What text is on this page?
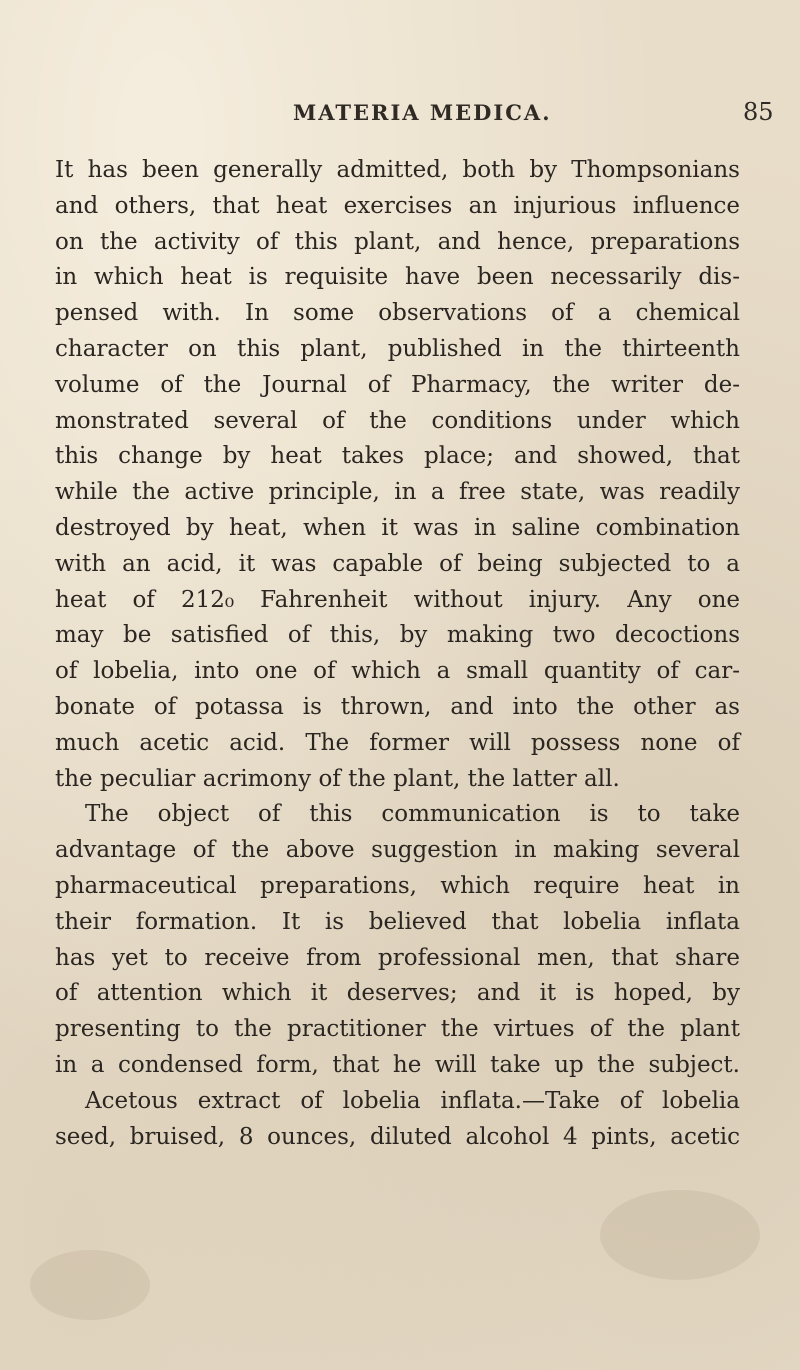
MATERIA MEDICA.	85
It has been generally admitted, both by Thompsonians
and others, that heat exercises an injurious influence
on the activity of this plant, and hence, preparations
in which heat is requisite have been necessarily dis-
pensed with. In some observations of a chemical
character on this plant, published in the thirteenth
volume of the Journal of Pharmacy, the writer de-
monstrated several of the conditions under which
this change by heat takes place; and showed, that
while the active principle, in a free state, was readily
destroyed by heat, when it was in saline combination
with an acid, it was capable of being subjected to a
heat of 212₀ Fahrenheit without injury. Any one
may be satisfied of this, by making two decoctions
of lobelia, into one of which a small quantity of car-
bonate of potassa is thrown, and into the other as
much acetic acid. The former will possess none of
the peculiar acrimony of the plant, the latter all.
The object of this communication is to take
advantage of the above suggestion in making several
pharmaceutical preparations, which require heat in
their formation. It is believed that lobelia inflata
has yet to receive from professional men, that share
of attention which it deserves; and it is hoped, by
presenting to the practitioner the virtues of the plant
in a condensed form, that he will take up the subject.
Acetous extract of lobelia inflata.—Take of lobelia
seed, bruised, 8 ounces, diluted alcohol 4 pints, acetic
